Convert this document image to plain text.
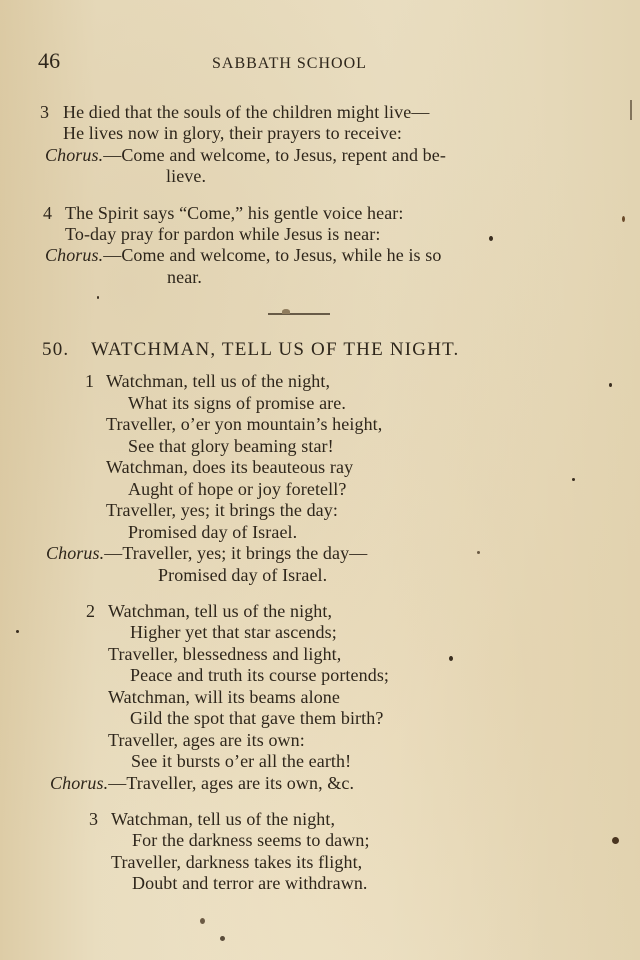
46	SABBATH SCHOOL
3 He died that the souls of the children might live—
He lives now in glory, their prayers to receive:
Chorus.—Come and welcome, to Jesus, repent and be-
lieve.
4 The Spirit says “Come,” his gentle voice hear:
To-day pray for pardon while Jesus is near:
Chorus.—Come and welcome, to Jesus, while he is so
near.
50. WATCHMAN, TELL US OF THE NIGHT.
1 Watchman, tell us of the night,
What its signs of promise are.
Traveller, o’er yon mountain’s height,
See that glory beaming star!
Watchman, does its beauteous ray
Aught of hope or joy foretell?
Traveller, yes; it brings the day:
Promised day of Israel.
Chorus.—Traveller, yes; it brings the day—
Promised day of Israel.
2 Watchman, tell us of the night,
Higher yet that star ascends;
Traveller, blessedness and light,
Peace and truth its course portends;
Watchman, will its beams alone
Gild the spot that gave them birth?
Traveller, ages are its own:
See it bursts o’er all the earth!
Chorus.—Traveller, ages are its own, &c.
3 Watchman, tell us of the night,
For the darkness seems to dawn;
Traveller, darkness takes its flight,
Doubt and terror are withdrawn.
